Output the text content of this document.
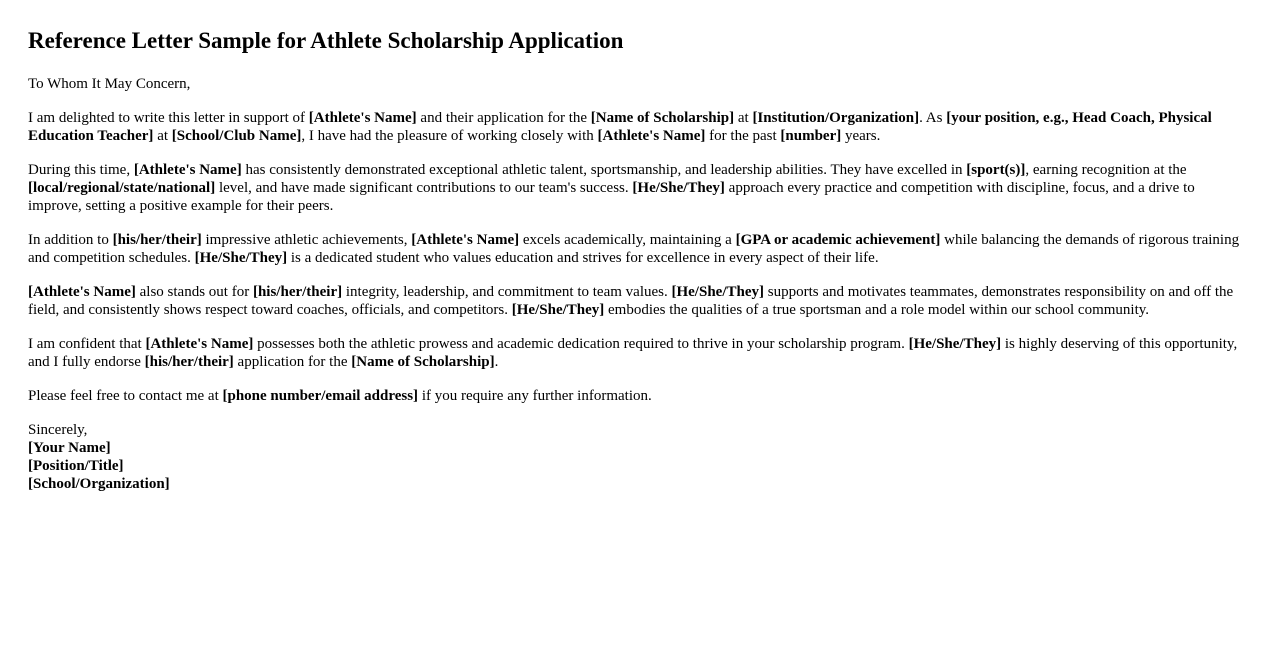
Reference Letter Sample for Athlete Scholarship Application

To Whom It May Concern,

I am delighted to write this letter in support of [Athlete's Name] and their application for the [Name of Scholarship] at [Institution/Organization]. As [your position, e.g., Head Coach, Physical Education Teacher] at [School/Club Name], I have had the pleasure of working closely with [Athlete's Name] for the past [number] years.

During this time, [Athlete's Name] has consistently demonstrated exceptional athletic talent, sportsmanship, and leadership abilities. They have excelled in [sport(s)], earning recognition at the [local/regional/state/national] level, and have made significant contributions to our team's success. [He/She/They] approach every practice and competition with discipline, focus, and a drive to improve, setting a positive example for their peers.

In addition to [his/her/their] impressive athletic achievements, [Athlete's Name] excels academically, maintaining a [GPA or academic achievement] while balancing the demands of rigorous training and competition schedules. [He/She/They] is a dedicated student who values education and strives for excellence in every aspect of their life.

[Athlete's Name] also stands out for [his/her/their] integrity, leadership, and commitment to team values. [He/She/They] supports and motivates teammates, demonstrates responsibility on and off the field, and consistently shows respect toward coaches, officials, and competitors. [He/She/They] embodies the qualities of a true sportsman and a role model within our school community.

I am confident that [Athlete's Name] possesses both the athletic prowess and academic dedication required to thrive in your scholarship program. [He/She/They] is highly deserving of this opportunity, and I fully endorse [his/her/their] application for the [Name of Scholarship].

Please feel free to contact me at [phone number/email address] if you require any further information.

Sincerely,
[Your Name]
[Position/Title]
[School/Organization]
